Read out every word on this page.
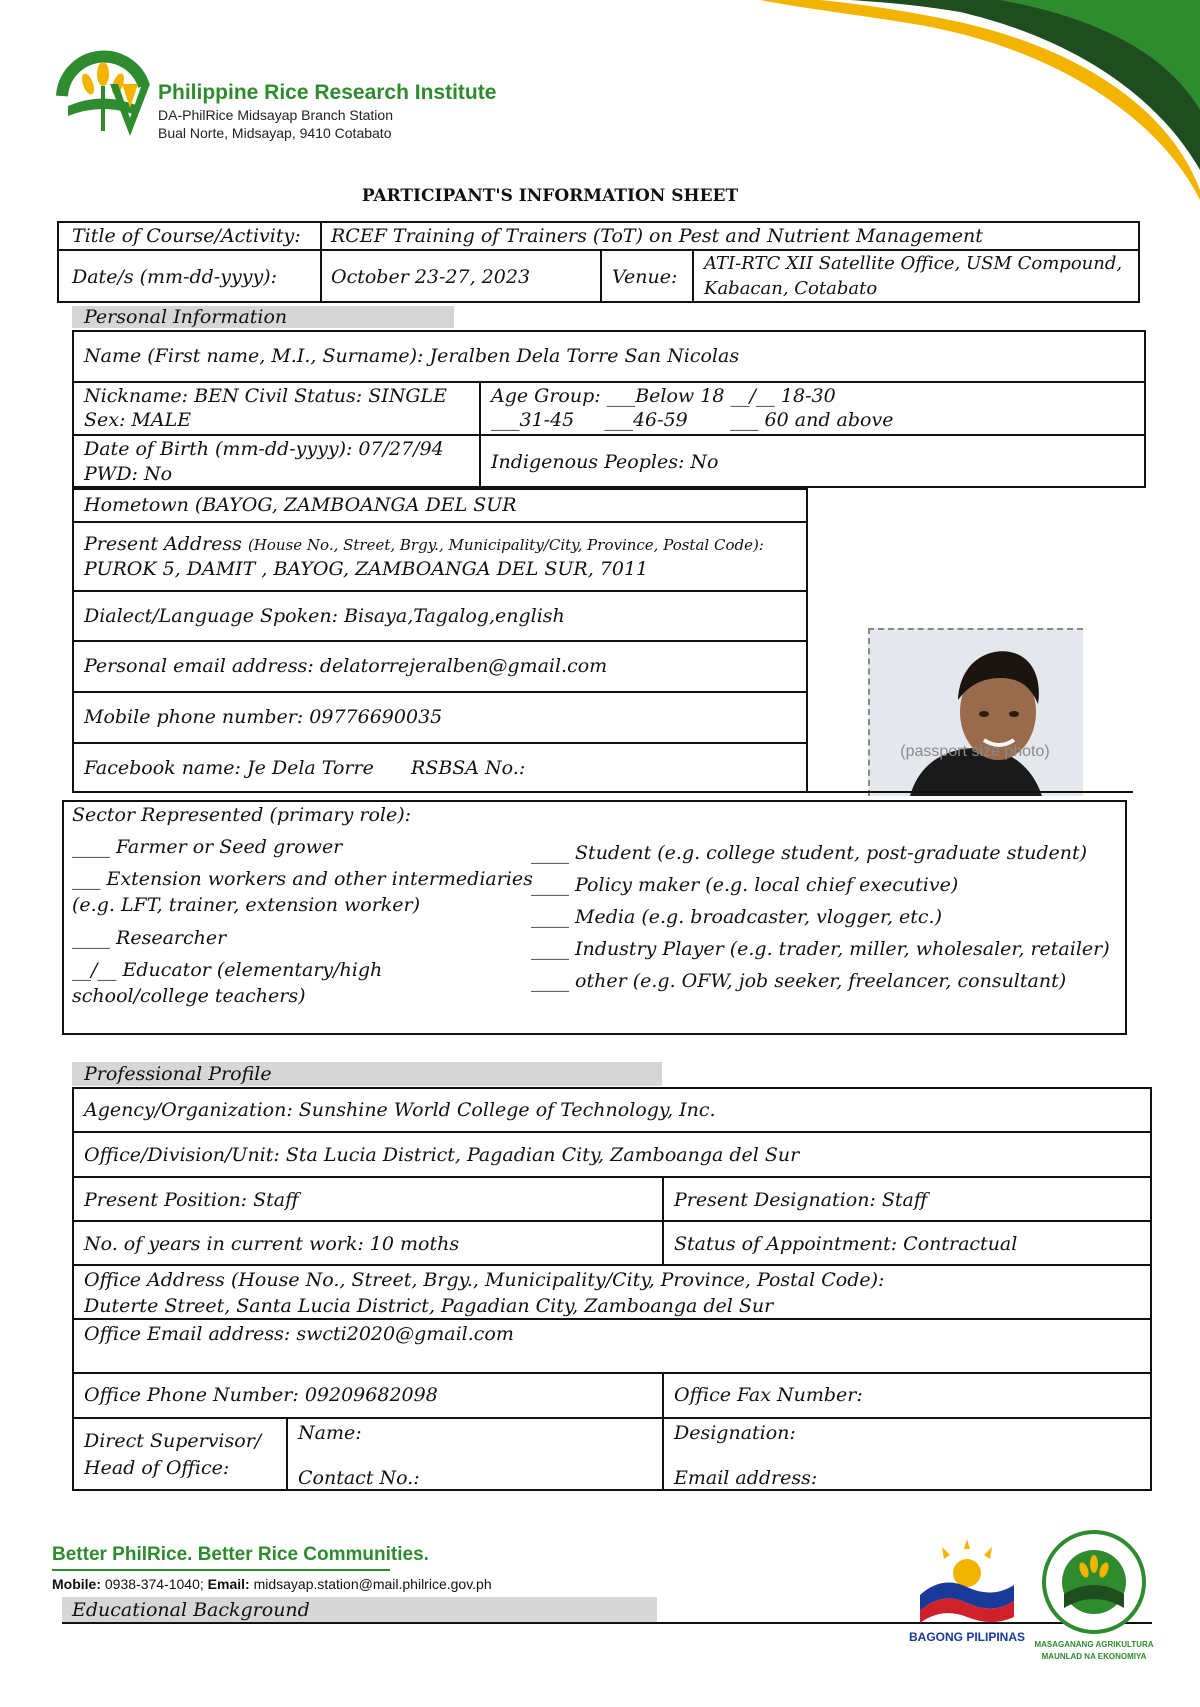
Philippine Rice Research Institute
DA-PhilRice Midsayap Branch Station
Bual Norte, Midsayap, 9410 Cotabato
PARTICIPANT'S INFORMATION SHEET
Title of Course/Activity: RCEF Training of Trainers (ToT) on Pest and Nutrient Management
Date/s (mm-dd-yyyy):	October 23-27, 2023	Venue:
ATI-RTC XII Satellite Office, USM Compound,
Kabacan, Cotabato
Personal Information
Name (First name, M.I., Surname): Jeralben Dela Torre San Nicolas
Nickname: BEN Civil Status: SINGLE
Sex: MALE
Age Group: ___Below 18 __/__ 18-30
___31-45     ___46-59       ___ 60 and above
Date of Birth (mm-dd-yyyy): 07/27/94
PWD: No
Indigenous Peoples: No
Hometown (BAYOG, ZAMBOANGA DEL SUR
Present Address (House No., Street, Brgy., Municipality/City, Province, Postal Code):
PUROK 5, DAMIT , BAYOG, ZAMBOANGA DEL SUR, 7011
Dialect/Language Spoken: Bisaya,Tagalog,english
Personal email address: delatorrejeralben@gmail.com
Mobile phone number: 09776690035
Facebook name: Je Dela Torre RSBSA No.:
(passport size photo)
Sector Represented (primary role):
____ Farmer or Seed grower
___ Extension workers and other intermediaries
(e.g. LFT, trainer, extension worker)
____ Researcher
__/__ Educator (elementary/high
school/college teachers)
____ Student (e.g. college student, post-graduate student)
____ Policy maker (e.g. local chief executive)
____ Media (e.g. broadcaster, vlogger, etc.)
____ Industry Player (e.g. trader, miller, wholesaler, retailer)
____ other (e.g. OFW, job seeker, freelancer, consultant)
Professional Profile
Agency/Organization: Sunshine World College of Technology, Inc.
Office/Division/Unit: Sta Lucia District, Pagadian City, Zamboanga del Sur
Present Position: Staff	Present Designation: Staff
No. of years in current work: 10 moths	Status of Appointment: Contractual
Office Address (House No., Street, Brgy., Municipality/City, Province, Postal Code):
Duterte Street, Santa Lucia District, Pagadian City, Zamboanga del Sur
Office Email address: swcti2020@gmail.com
Office Phone Number: 09209682098	Office Fax Number:
Direct Supervisor/
Head of Office:
Name:
Contact No.:
Designation:
Email address:
Better PhilRice. Better Rice Communities.
Mobile: 0938-374-1040; Email: midsayap.station@mail.philrice.gov.ph
Educational Background
BAGONG PILIPINAS
MASAGANANG AGRIKULTURA
MAUNLAD NA EKONOMIYA
